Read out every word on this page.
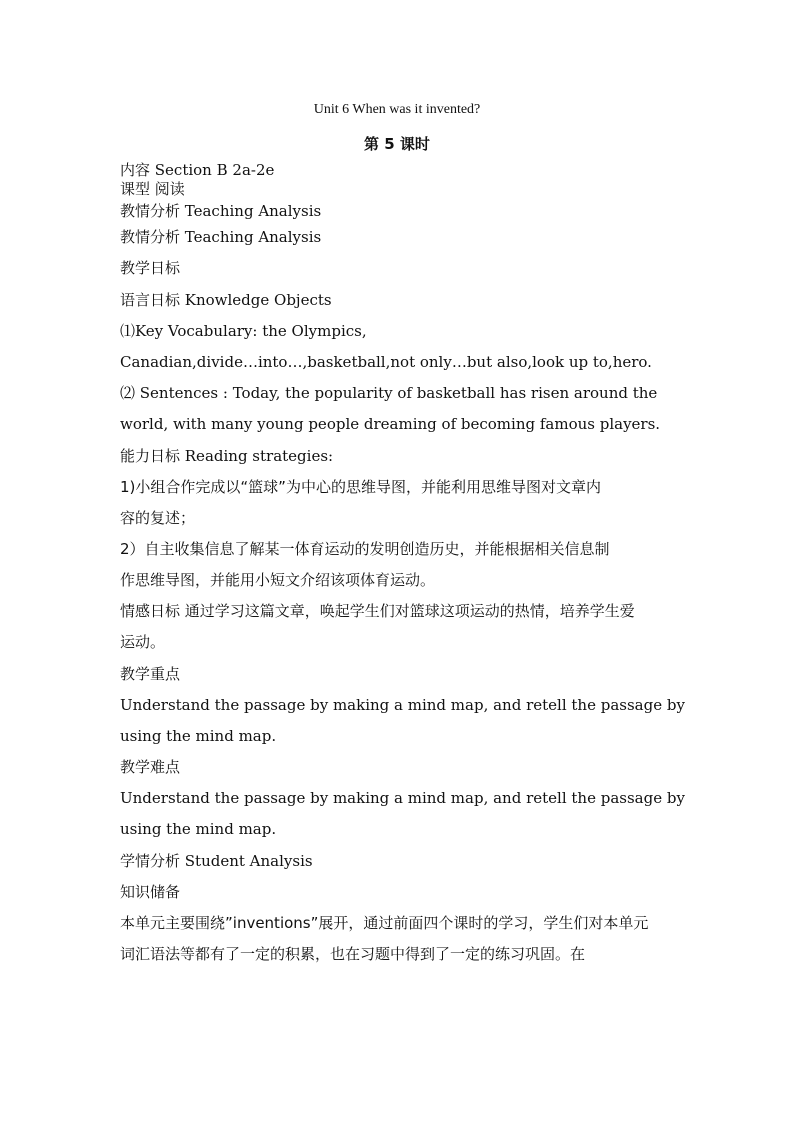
Unit 6 When was it invented?
第 5 课时
内容 Section B 2a-2e
课型 阅读
教情分析 Teaching Analysis
教情分析 Teaching Analysis
教学日标
语言日标 Knowledge Objects
⑴Key Vocabulary: the Olympics,
Canadian,divide…into…,basketball,not only…but also,look up to,hero.
⑵ Sentences : Today, the popularity of basketball has risen around the
world, with many young people dreaming of becoming famous players.
能力日标 Reading strategies:
1)小组合作完成以“篮球”为中心的思维导图，并能利用思维导图对文章内
容的复述；
2）自主收集信息了解某一体育运动的发明创造历史，并能根据相关信息制
作思维导图，并能用小短文介绍该项体育运动。
情感日标 通过学习这篇文章，唤起学生们对篮球这项运动的热情，培养学生爱
运动。
教学重点
Understand the passage by making a mind map, and retell the passage by
using the mind map.
教学难点
Understand the passage by making a mind map, and retell the passage by
using the mind map.
学情分析 Student Analysis
知识储备
本单元主要围绕”inventions”展开，通过前面四个课时的学习，学生们对本单元
词汇语法等都有了一定的积累，也在习题中得到了一定的练习巩固。在
